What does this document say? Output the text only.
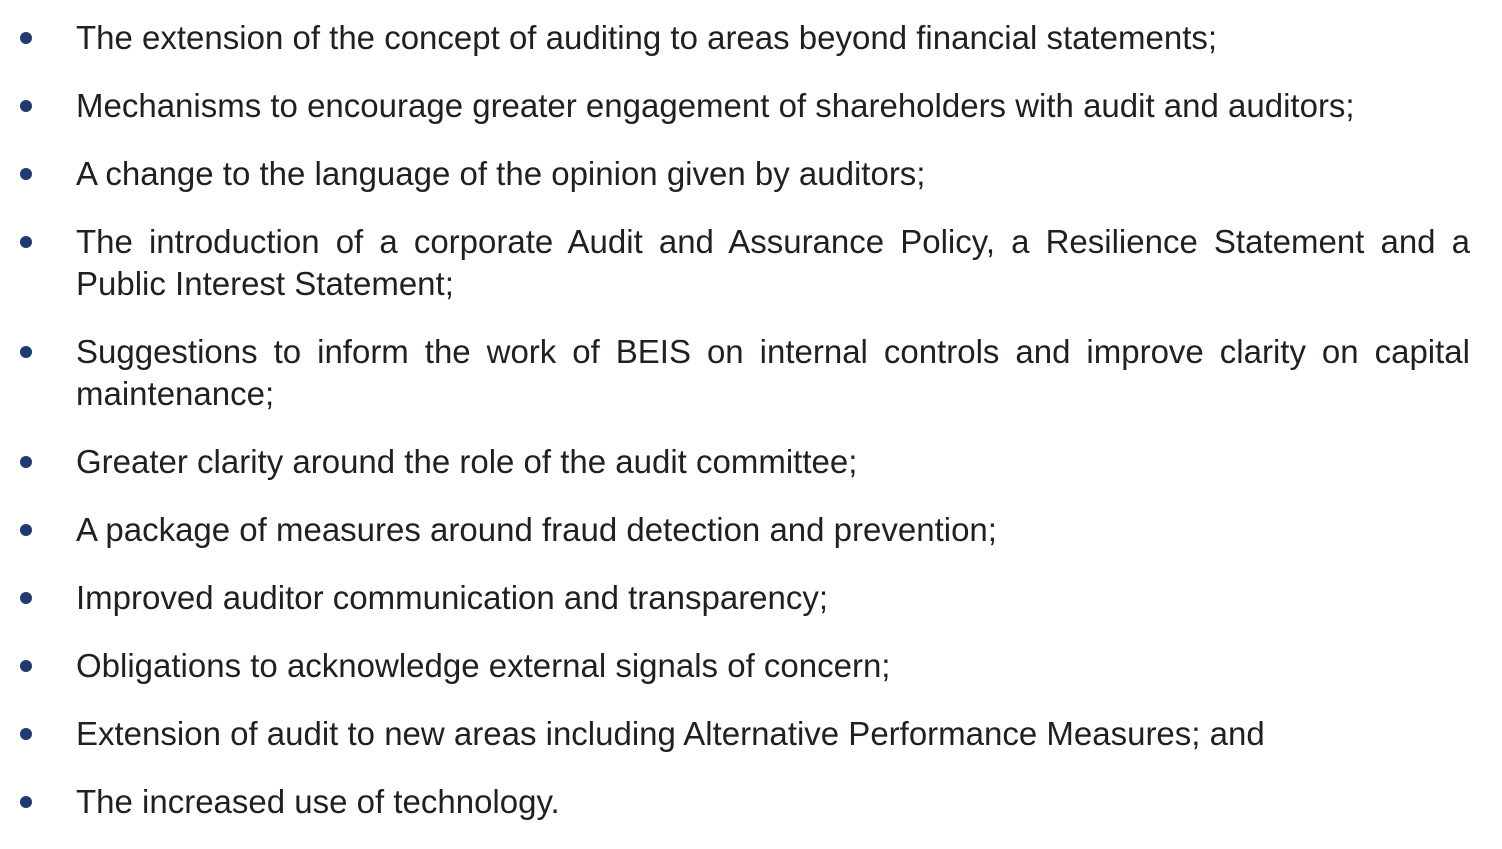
The extension of the concept of auditing to areas beyond financial statements;
Mechanisms to encourage greater engagement of shareholders with audit and auditors;
A change to the language of the opinion given by auditors;
The introduction of a corporate Audit and Assurance Policy, a Resilience Statement and a Public Interest Statement;
Suggestions to inform the work of BEIS on internal controls and improve clarity on capital maintenance;
Greater clarity around the role of the audit committee;
A package of measures around fraud detection and prevention;
Improved auditor communication and transparency;
Obligations to acknowledge external signals of concern;
Extension of audit to new areas including Alternative Performance Measures; and
The increased use of technology.
